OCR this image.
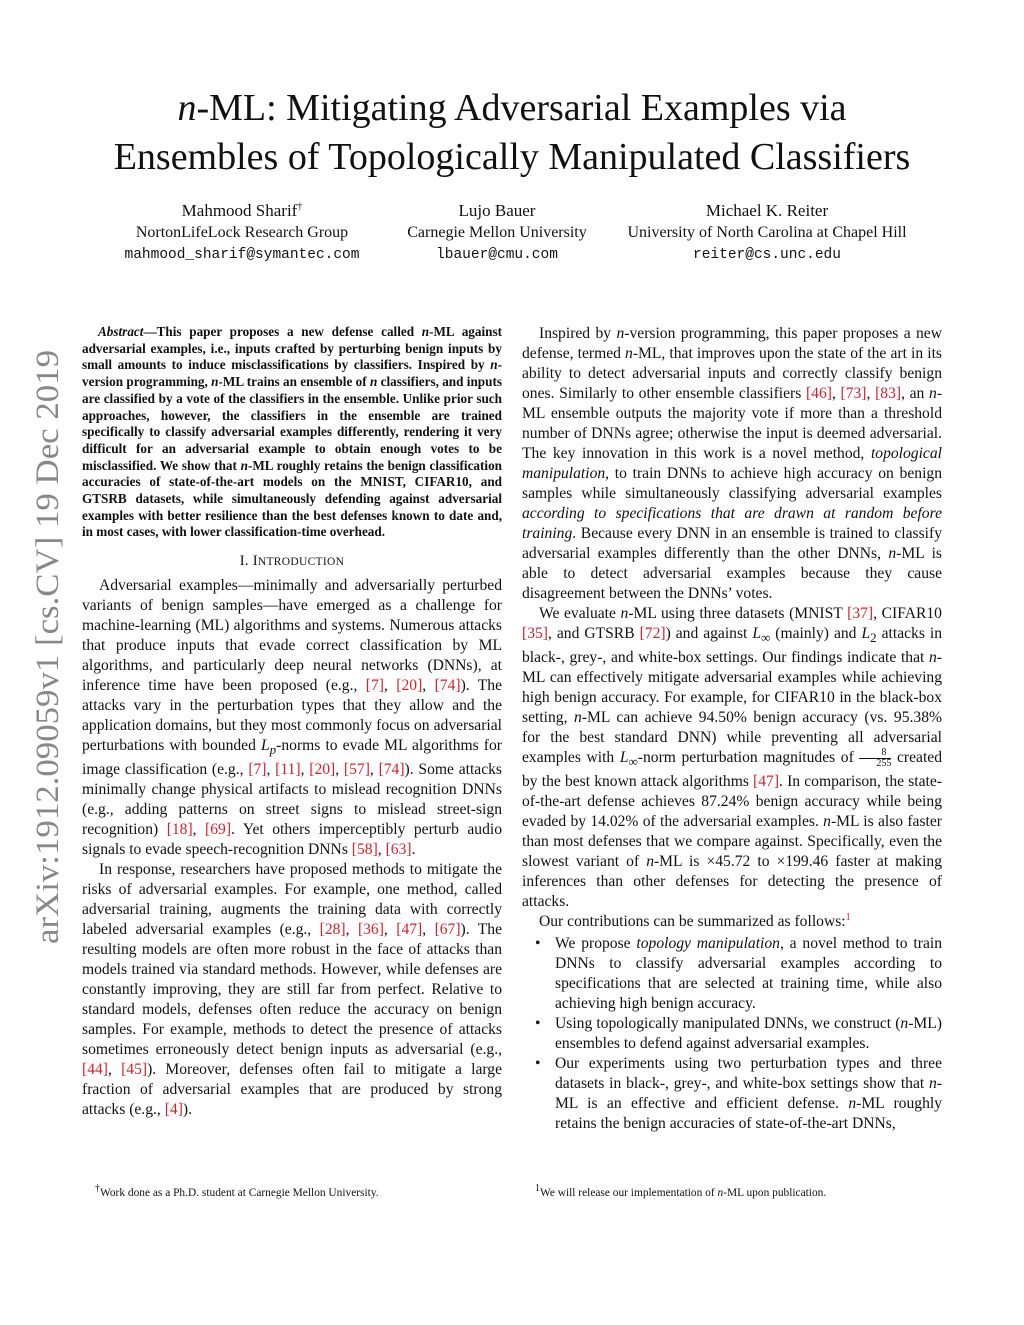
n-ML: Mitigating Adversarial Examples via
Ensembles of Topologically Manipulated Classifiers
Mahmood Sharif†
NortonLifeLock Research Group
mahmood_sharif@symantec.com
Lujo Bauer
Carnegie Mellon University
lbauer@cmu.com
Michael K. Reiter
University of North Carolina at Chapel Hill
reiter@cs.unc.edu
arXiv:1912.09059v1 [cs.CV] 19 Dec 2019

Abstract—This paper proposes a new defense called n-ML against adversarial examples, i.e., inputs crafted by perturbing benign inputs by small amounts to induce misclassifications by classifiers. Inspired by n-version programming, n-ML trains an ensemble of n classifiers, and inputs are classified by a vote of the classifiers in the ensemble. Unlike prior such approaches, however, the classifiers in the ensemble are trained specifically to classify adversarial examples differently, rendering it very difficult for an adversarial example to obtain enough votes to be misclassified. We show that n-ML roughly retains the benign classification accuracies of state-of-the-art models on the MNIST, CIFAR10, and GTSRB datasets, while simultaneously defending against adversarial examples with better resilience than the best defenses known to date and, in most cases, with lower classification-time overhead.

I. INTRODUCTION

Adversarial examples—minimally and adversarially perturbed variants of benign samples—have emerged as a challenge for machine-learning (ML) algorithms and systems. Numerous attacks that produce inputs that evade correct classification by ML algorithms, and particularly deep neural networks (DNNs), at inference time have been proposed (e.g., [7], [20], [74]). The attacks vary in the perturbation types that they allow and the application domains, but they most commonly focus on adversarial perturbations with bounded $L_p$-norms to evade ML algorithms for image classification (e.g., [7], [11], [20], [57], [74]). Some attacks minimally change physical artifacts to mislead recognition DNNs (e.g., adding patterns on street signs to mislead street-sign recognition) [18], [69]. Yet others imperceptibly perturb audio signals to evade speech-recognition DNNs [58], [63].

In response, researchers have proposed methods to mitigate the risks of adversarial examples. For example, one method, called adversarial training, augments the training data with correctly labeled adversarial examples (e.g., [28], [36], [47], [67]). The resulting models are often more robust in the face of attacks than models trained via standard methods. However, while defenses are constantly improving, they are still far from perfect. Relative to standard models, defenses often reduce the accuracy on benign samples. For example, methods to detect the presence of attacks sometimes erroneously detect benign inputs as adversarial (e.g., [44], [45]). Moreover, defenses often fail to mitigate a large fraction of adversarial examples that are produced by strong attacks (e.g., [4]).

Inspired by n-version programming, this paper proposes a new defense, termed n-ML, that improves upon the state of the art in its ability to detect adversarial inputs and correctly classify benign ones. Similarly to other ensemble classifiers [46], [73], [83], an n-ML ensemble outputs the majority vote if more than a threshold number of DNNs agree; otherwise the input is deemed adversarial. The key innovation in this work is a novel method, topological manipulation, to train DNNs to achieve high accuracy on benign samples while simultaneously classifying adversarial examples according to specifications that are drawn at random before training. Because every DNN in an ensemble is trained to classify adversarial examples differently than the other DNNs, n-ML is able to detect adversarial examples because they cause disagreement between the DNNs’ votes.

We evaluate n-ML using three datasets (MNIST [37], CIFAR10 [35], and GTSRB [72]) and against $L_\infty$ (mainly) and $L_2$ attacks in black-, grey-, and white-box settings. Our findings indicate that n-ML can effectively mitigate adversarial examples while achieving high benign accuracy. For example, for CIFAR10 in the black-box setting, n-ML can achieve 94.50% benign accuracy (vs. 95.38% for the best standard DNN) while preventing all adversarial examples with $L_\infty$-norm perturbation magnitudes of $\frac{8}{255}$ created by the best known attack algorithms [47]. In comparison, the state-of-the-art defense achieves 87.24% benign accuracy while being evaded by 14.02% of the adversarial examples. n-ML is also faster than most defenses that we compare against. Specifically, even the slowest variant of n-ML is ×45.72 to ×199.46 faster at making inferences than other defenses for detecting the presence of attacks.

Our contributions can be summarized as follows:$^1$

• We propose topology manipulation, a novel method to train DNNs to classify adversarial examples according to specifications that are selected at training time, while also achieving high benign accuracy.
• Using topologically manipulated DNNs, we construct (n-ML) ensembles to defend against adversarial examples.
• Our experiments using two perturbation types and three datasets in black-, grey-, and white-box settings show that n-ML is an effective and efficient defense. n-ML roughly retains the benign accuracies of state-of-the-art DNNs,
†Work done as a Ph.D. student at Carnegie Mellon University.	$^1$We will release our implementation of n-ML upon publication.
